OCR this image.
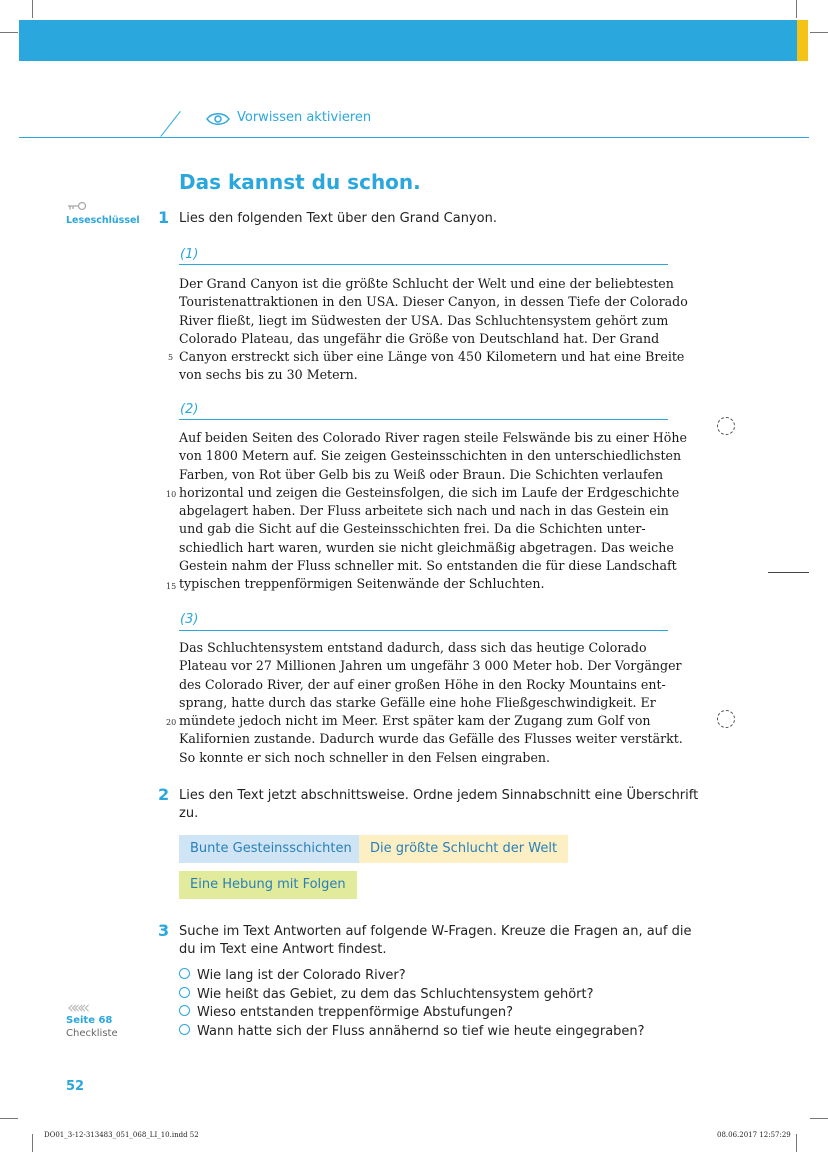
Vorwissen aktivieren
Das kannst du schon.
Leseschlüssel 1 Lies den folgenden Text über den Grand Canyon.
(1)

Der Grand Canyon ist die größte Schlucht der Welt und eine der beliebtesten

Touristenattraktionen in den USA. Dieser Canyon, in dessen Tiefe der Colorado

River fließt, liegt im Südwesten der USA. Das Schluchtensystem gehört zum

Colorado Plateau, das ungefähr die Größe von Deutschland hat. Der Grand

Canyon erstreckt sich über eine Länge von 450 Kilometern und hat eine Breite

von sechs bis zu 30 Metern.

5
(2)

Auf beiden Seiten des Colorado River ragen steile Felswände bis zu einer Höhe

von 1800 Metern auf. Sie zeigen Gesteinsschichten in den unterschiedlichsten

Farben, von Rot über Gelb bis zu Weiß oder Braun. Die Schichten verlaufen

horizontal und zeigen die Gesteinsfolgen, die sich im Laufe der Erdgeschichte

abgelagert haben. Der Fluss arbeitete sich nach und nach in das Gestein ein

und gab die Sicht auf die Gesteinsschichten frei. Da die Schichten unter-

schiedlich hart waren, wurden sie nicht gleichmäßig abgetragen. Das weiche

Gestein nahm der Fluss schneller mit. So entstanden die für diese Landschaft

typischen treppenförmigen Seitenwände der Schluchten.

10
15
(3)

Das Schluchtensystem entstand dadurch, dass sich das heutige Colorado

Plateau vor 27 Millionen Jahren um ungefähr 3 000 Meter hob. Der Vorgänger

des Colorado River, der auf einer großen Höhe in den Rocky Mountains ent-

sprang, hatte durch das starke Gefälle eine hohe Fließgeschwindigkeit. Er

mündete jedoch nicht im Meer. Erst später kam der Zugang zum Golf von

Kalifornien zustande. Dadurch wurde das Gefälle des Flusses weiter verstärkt.

So konnte er sich noch schneller in den Felsen eingraben.

20
2 Lies den Text jetzt abschnittsweise. Ordne jedem Sinnabschnitt eine Überschrift
zu.
Bunte Gesteinsschichten	Die größte Schlucht der Welt
Eine Hebung mit Folgen
3 Suche im Text Antworten auf folgende W-Fragen. Kreuze die Fragen an, auf die
du im Text eine Antwort findest.
Wie lang ist der Colorado River?
Wie heißt das Gebiet, zu dem das Schluchtensystem gehört?
Wieso entstanden treppenförmige Abstufungen?
Wann hatte sich der Fluss annähernd so tief wie heute eingegraben?
«««
Seite 68
Checkliste
52
DO01_3-12-313483_051_068_LI_10.indd 52	08.06.2017 12:57:29
